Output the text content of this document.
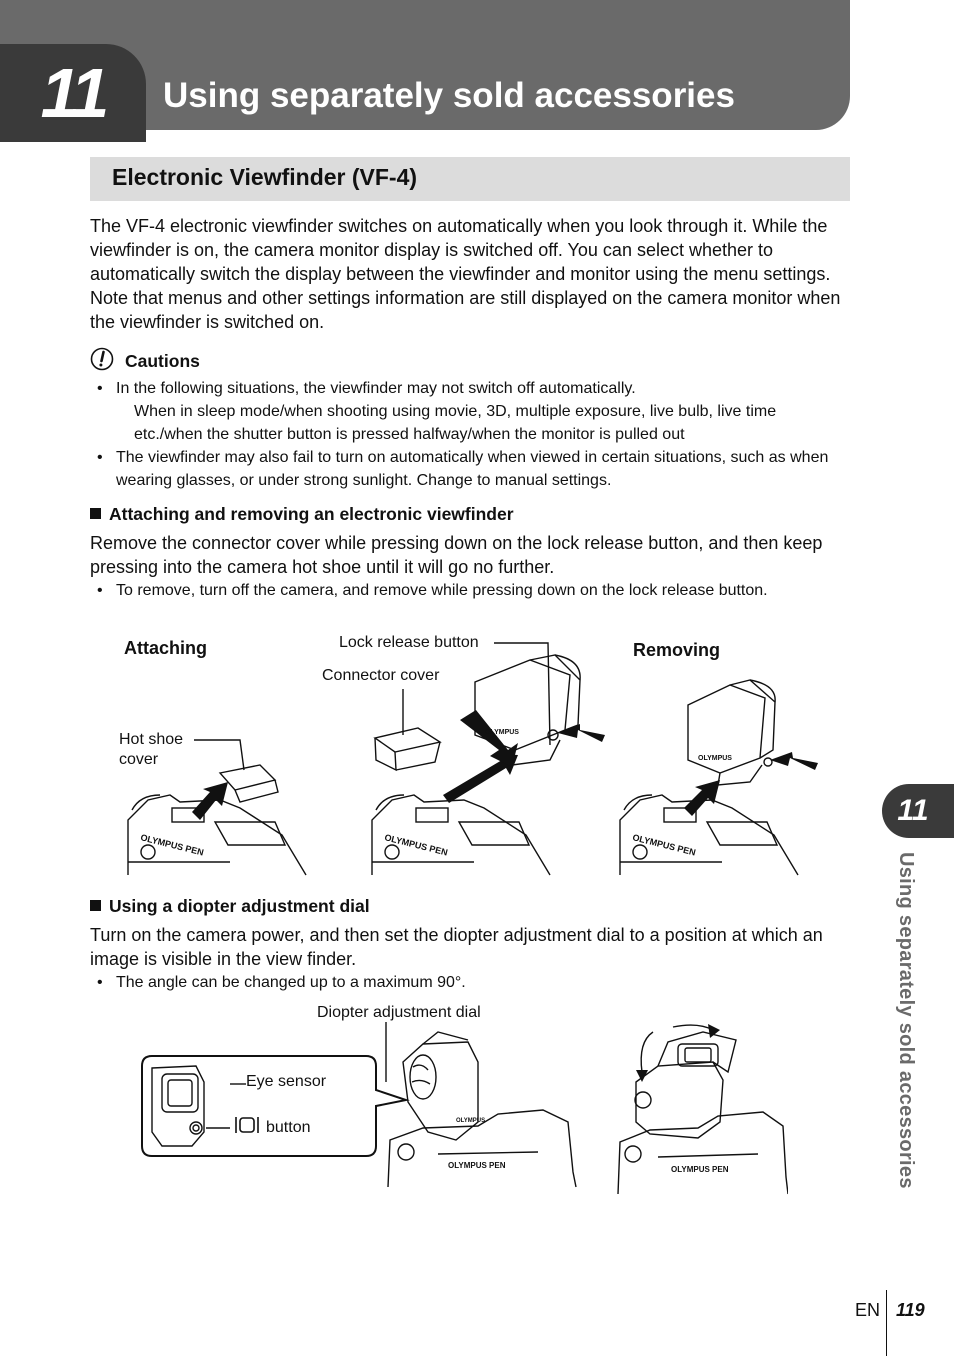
11	Using separately sold accessories
Electronic Viewfinder (VF-4)
The VF-4 electronic viewfinder switches on automatically when you look through it. While the viewfinder is on, the camera monitor display is switched off. You can select whether to automatically switch the display between the viewfinder and monitor using the menu settings. Note that menus and other settings information are still displayed on the camera monitor when the viewfinder is switched on.
Cautions
• In the following situations, the viewfinder may not switch off automatically.
When in sleep mode/when shooting using movie, 3D, multiple exposure, live bulb, live time etc./when the shutter button is pressed halfway/when the monitor is pulled out
• The viewfinder may also fail to turn on automatically when viewed in certain situations, such as when wearing glasses, or under strong sunlight. Change to manual settings.
Attaching and removing an electronic viewfinder
Remove the connector cover while pressing down on the lock release button, and then keep pressing into the camera hot shoe until it will go no further.
• To remove, turn off the camera, and remove while pressing down on the lock release button.
Attaching	Removing
Lock release button
Connector cover
Hot shoe
cover
OLYMPUS PEN	OLYMPUS PEN	OLYMPUS PEN
OLYMPUS
OLYMPUS
Using a diopter adjustment dial
Turn on the camera power, and then set the diopter adjustment dial to a position at which an image is visible in the view finder.
• The angle can be changed up to a maximum 90°.
Diopter adjustment dial
Eye sensor
button
OLYMPUS PEN	OLYMPUS PEN
OLYMPUS
11
Using separately sold accessories
EN 119
